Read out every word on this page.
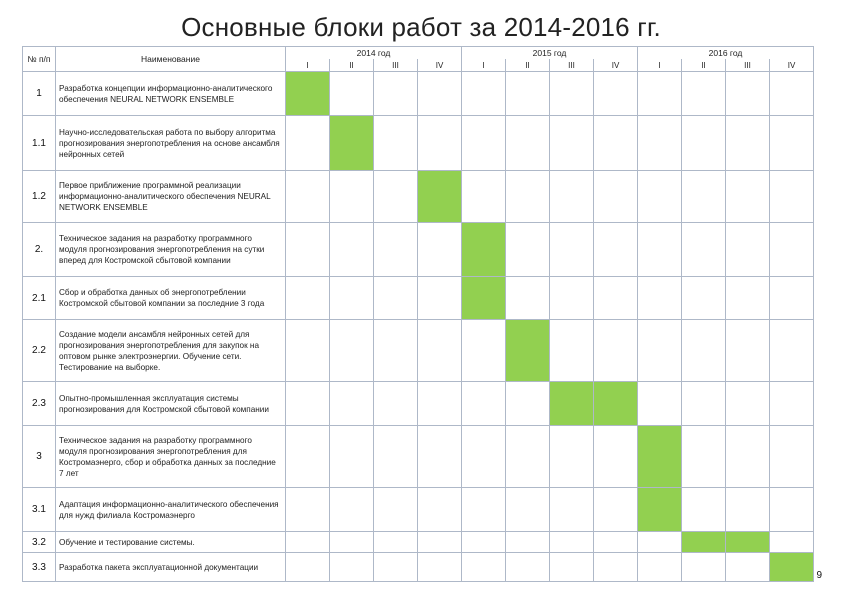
Основные блоки работ за 2014-2016 гг.
№ п/п	Наименование	2014 год				2015 год				2016 год			
		I	II	III	IV	I	II	III	IV	I	II	III	IV
1	Разработка концепции информационно-аналитического обеспечения NEURAL NETWORK ENSEMBLE												
1.1	Научно-исследовательская работа по выбору алгоритма прогнозирования энергопотребления на основе ансамбля нейронных сетей												
1.2	Первое приближение программной реализации информационно-аналитического обеспечения NEURAL NETWORK ENSEMBLE												
2.	Техническое задания на разработку программного модуля прогнозирования энергопотребления на сутки вперед для Костромской сбытовой компании												
2.1	Сбор и обработка данных об энергопотреблении Костромской сбытовой компании за последние 3 года												
2.2	Создание модели ансамбля нейронных сетей для прогнозирования энергопотребления для закупок на оптовом рынке электроэнергии. Обучение сети. Тестирование на выборке.												
2.3	Опытно-промышленная эксплуатация системы прогнозирования для Костромской сбытовой компании												
3	Техническое задания на разработку программного модуля прогнозирования энергопотребления для Костромаэнерго, сбор и обработка данных за последние 7 лет												
3.1	Адаптация информационно-аналитического обеспечения для нужд филиала Костромаэнерго												
3.2	Обучение и тестирование системы.												
3.3	Разработка пакета эксплуатационной документации												
9
